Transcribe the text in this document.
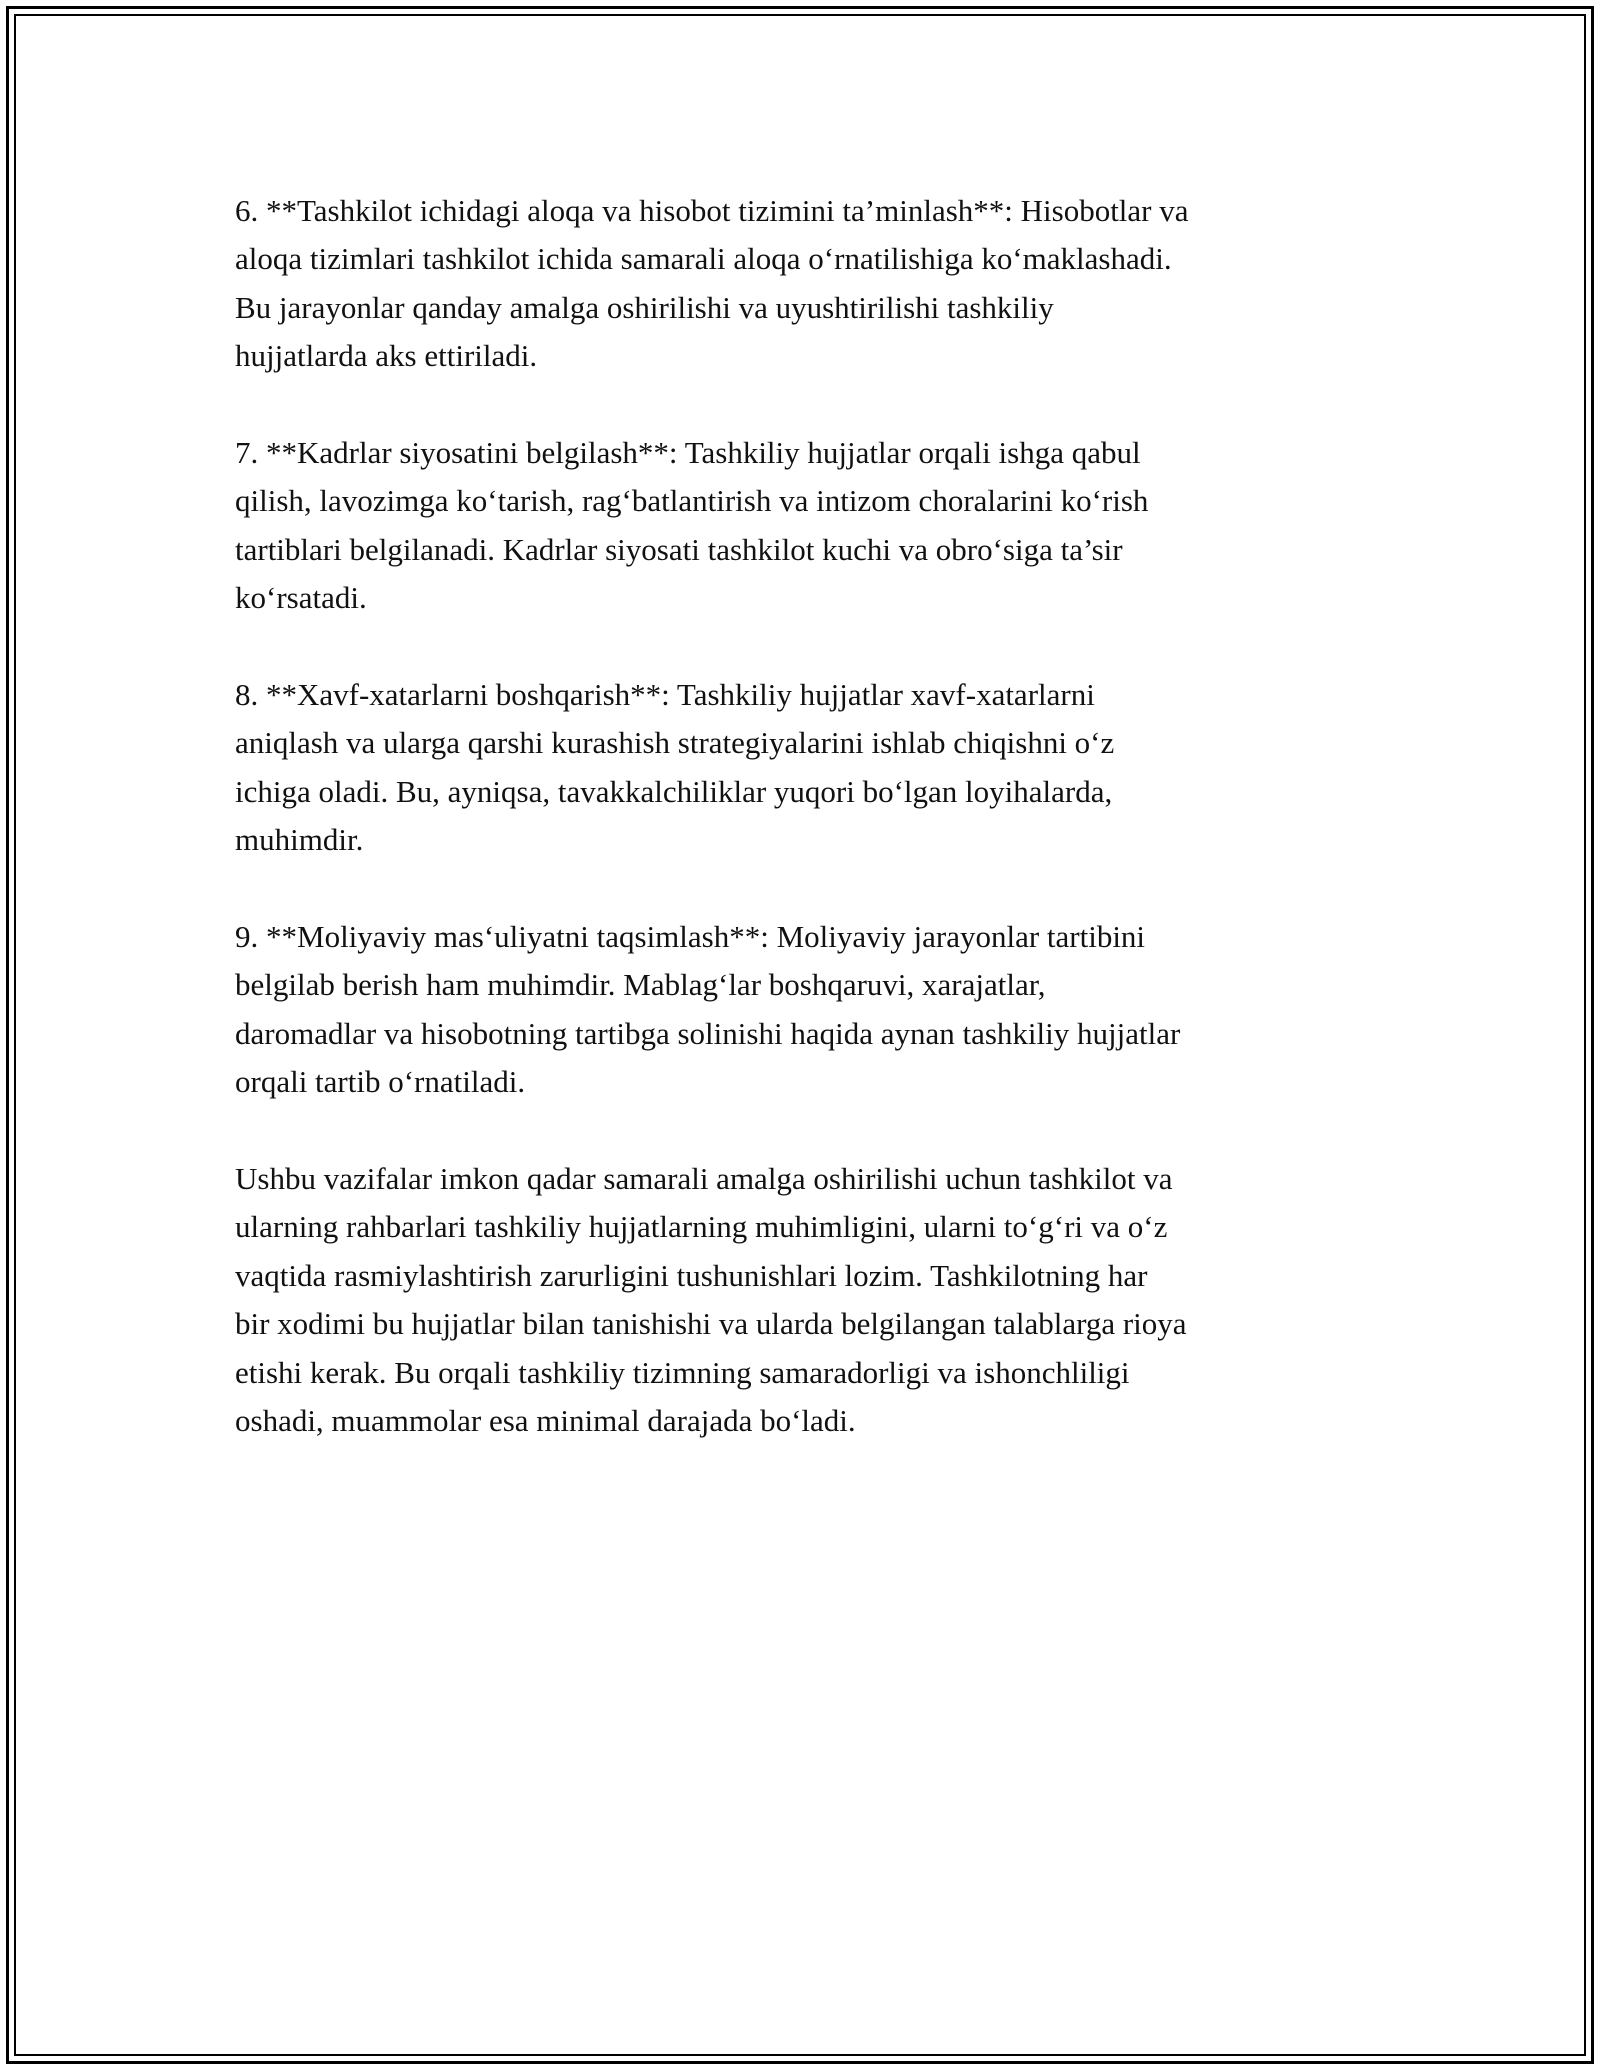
6. **Tashkilot ichidagi aloqa va hisobot tizimini ta’minlash**: Hisobotlar va
aloqa tizimlari tashkilot ichida samarali aloqa o‘rnatilishiga ko‘maklashadi.
Bu jarayonlar qanday amalga oshirilishi va uyushtirilishi tashkiliy
hujjatlarda aks ettiriladi.

7. **Kadrlar siyosatini belgilash**: Tashkiliy hujjatlar orqali ishga qabul
qilish, lavozimga ko‘tarish, rag‘batlantirish va intizom choralarini ko‘rish
tartiblari belgilanadi. Kadrlar siyosati tashkilot kuchi va obro‘siga ta’sir
ko‘rsatadi.

8. **Xavf-xatarlarni boshqarish**: Tashkiliy hujjatlar xavf-xatarlarni
aniqlash va ularga qarshi kurashish strategiyalarini ishlab chiqishni o‘z
ichiga oladi. Bu, ayniqsa, tavakkalchiliklar yuqori bo‘lgan loyihalarda,
muhimdir.

9. **Moliyaviy mas‘uliyatni taqsimlash**: Moliyaviy jarayonlar tartibini
belgilab berish ham muhimdir. Mablag‘lar boshqaruvi, xarajatlar,
daromadlar va hisobotning tartibga solinishi haqida aynan tashkiliy hujjatlar
orqali tartib o‘rnatiladi.

Ushbu vazifalar imkon qadar samarali amalga oshirilishi uchun tashkilot va
ularning rahbarlari tashkiliy hujjatlarning muhimligini, ularni to‘g‘ri va o‘z
vaqtida rasmiylashtirish zarurligini tushunishlari lozim. Tashkilotning har
bir xodimi bu hujjatlar bilan tanishishi va ularda belgilangan talablarga rioya
etishi kerak. Bu orqali tashkiliy tizimning samaradorligi va ishonchliligi
oshadi, muammolar esa minimal darajada bo‘ladi.
